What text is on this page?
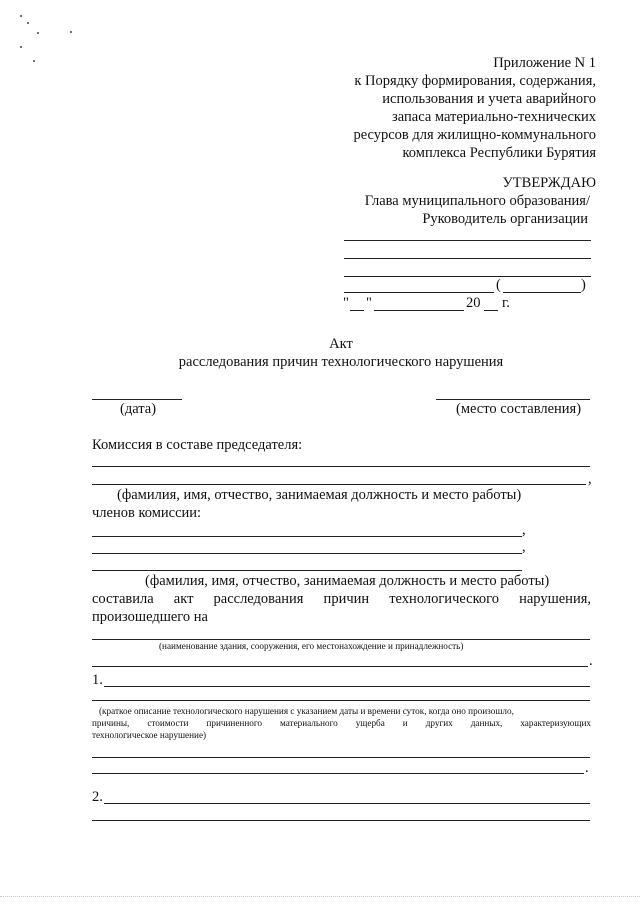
Приложение N 1
к Порядку формирования, содержания,
использования и учета аварийного
запаса материально-технических
ресурсов для жилищно-коммунального
комплекса Республики Бурятия
УТВЕРЖДАЮ
Глава муниципального образования/
Руководитель организации
(	)
" "	20 г.
Акт
расследования причин технологического нарушения
(дата)	(место составления)
Комиссия в составе председателя:
,
(фамилия, имя, отчество, занимаемая должность и место работы)
членов комиссии:
,
,
(фамилия, имя, отчество, занимаемая должность и место работы)
составила акт расследования причин технологического нарушения,
произошедшего на
(наименование здания, сооружения, его местонахождение и принадлежность)
.
1.
(краткое описание технологического нарушения с указанием даты и времени суток, когда оно произошло,
причины, стоимости причиненного материального ущерба и других данных, характеризующих
технологическое нарушение)
.
2.
